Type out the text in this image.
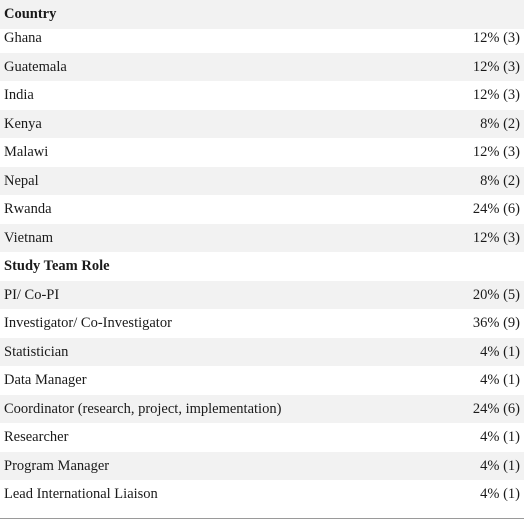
Country
Ghana	12% (3)
Guatemala	12% (3)
India	12% (3)
Kenya	8% (2)
Malawi	12% (3)
Nepal	8% (2)
Rwanda	24% (6)
Vietnam	12% (3)
Study Team Role
PI/ Co-PI	20% (5)
Investigator/ Co-Investigator	36% (9)
Statistician	4% (1)
Data Manager	4% (1)
Coordinator (research, project, implementation)	24% (6)
Researcher	4% (1)
Program Manager	4% (1)
Lead International Liaison	4% (1)
